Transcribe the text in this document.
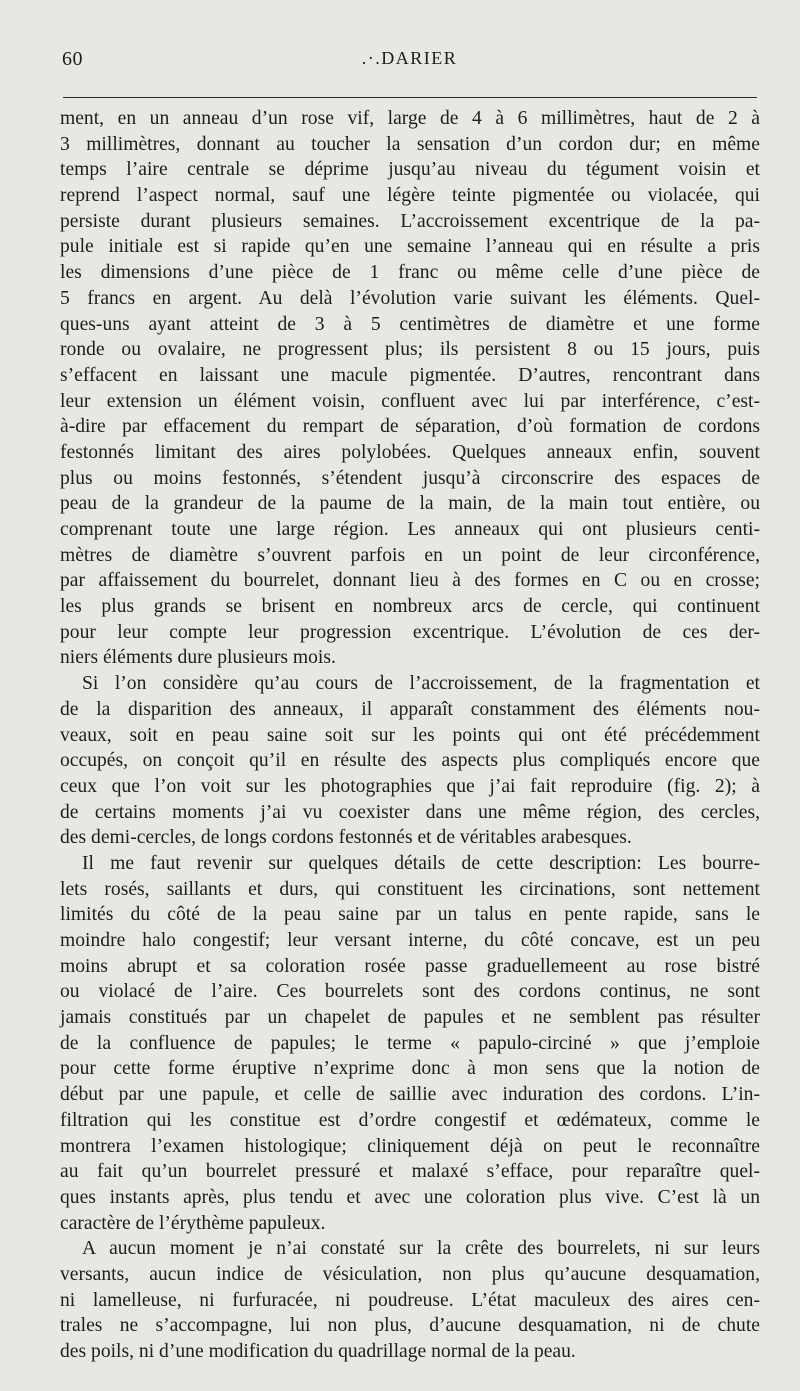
60	.·.DARIER
ment, en un anneau d’un rose vif, large de 4 à 6 millimètres, haut de 2 à
3 millimètres, donnant au toucher la sensation d’un cordon dur; en même
temps l’aire centrale se déprime jusqu’au niveau du tégument voisin et
reprend l’aspect normal, sauf une légère teinte pigmentée ou violacée, qui
persiste durant plusieurs semaines. L’accroissement excentrique de la pa-
pule initiale est si rapide qu’en une semaine l’anneau qui en résulte a pris
les dimensions d’une pièce de 1 franc ou même celle d’une pièce de
5 francs en argent. Au delà l’évolution varie suivant les éléments. Quel-
ques-uns ayant atteint de 3 à 5 centimètres de diamètre et une forme
ronde ou ovalaire, ne progressent plus; ils persistent 8 ou 15 jours, puis
s’effacent en laissant une macule pigmentée. D’autres, rencontrant dans
leur extension un élément voisin, confluent avec lui par interférence, c’est-
à-dire par effacement du rempart de séparation, d’où formation de cordons
festonnés limitant des aires polylobées. Quelques anneaux enfin, souvent
plus ou moins festonnés, s’étendent jusqu’à circonscrire des espaces de
peau de la grandeur de la paume de la main, de la main tout entière, ou
comprenant toute une large région. Les anneaux qui ont plusieurs centi-
mètres de diamètre s’ouvrent parfois en un point de leur circonférence,
par affaissement du bourrelet, donnant lieu à des formes en C ou en crosse;
les plus grands se brisent en nombreux arcs de cercle, qui continuent
pour leur compte leur progression excentrique. L’évolution de ces der-
niers éléments dure plusieurs mois.
Si l’on considère qu’au cours de l’accroissement, de la fragmentation et
de la disparition des anneaux, il apparaît constamment des éléments nou-
veaux, soit en peau saine soit sur les points qui ont été précédemment
occupés, on conçoit qu’il en résulte des aspects plus compliqués encore que
ceux que l’on voit sur les photographies que j’ai fait reproduire (fig. 2); à
de certains moments j’ai vu coexister dans une même région, des cercles,
des demi-cercles, de longs cordons festonnés et de véritables arabesques.
Il me faut revenir sur quelques détails de cette description: Les bourre-
lets rosés, saillants et durs, qui constituent les circinations, sont nettement
limités du côté de la peau saine par un talus en pente rapide, sans le
moindre halo congestif; leur versant interne, du côté concave, est un peu
moins abrupt et sa coloration rosée passe graduellemeent au rose bistré
ou violacé de l’aire. Ces bourrelets sont des cordons continus, ne sont
jamais constitués par un chapelet de papules et ne semblent pas résulter
de la confluence de papules; le terme « papulo-circiné » que j’emploie
pour cette forme éruptive n’exprime donc à mon sens que la notion de
début par une papule, et celle de saillie avec induration des cordons. L’in-
filtration qui les constitue est d’ordre congestif et œdémateux, comme le
montrera l’examen histologique; cliniquement déjà on peut le reconnaître
au fait qu’un bourrelet pressuré et malaxé s’efface, pour reparaître quel-
ques instants après, plus tendu et avec une coloration plus vive. C’est là un
caractère de l’érythème papuleux.
A aucun moment je n’ai constaté sur la crête des bourrelets, ni sur leurs
versants, aucun indice de vésiculation, non plus qu’aucune desquamation,
ni lamelleuse, ni furfuracée, ni poudreuse. L’état maculeux des aires cen-
trales ne s’accompagne, lui non plus, d’aucune desquamation, ni de chute
des poils, ni d’une modification du quadrillage normal de la peau.
